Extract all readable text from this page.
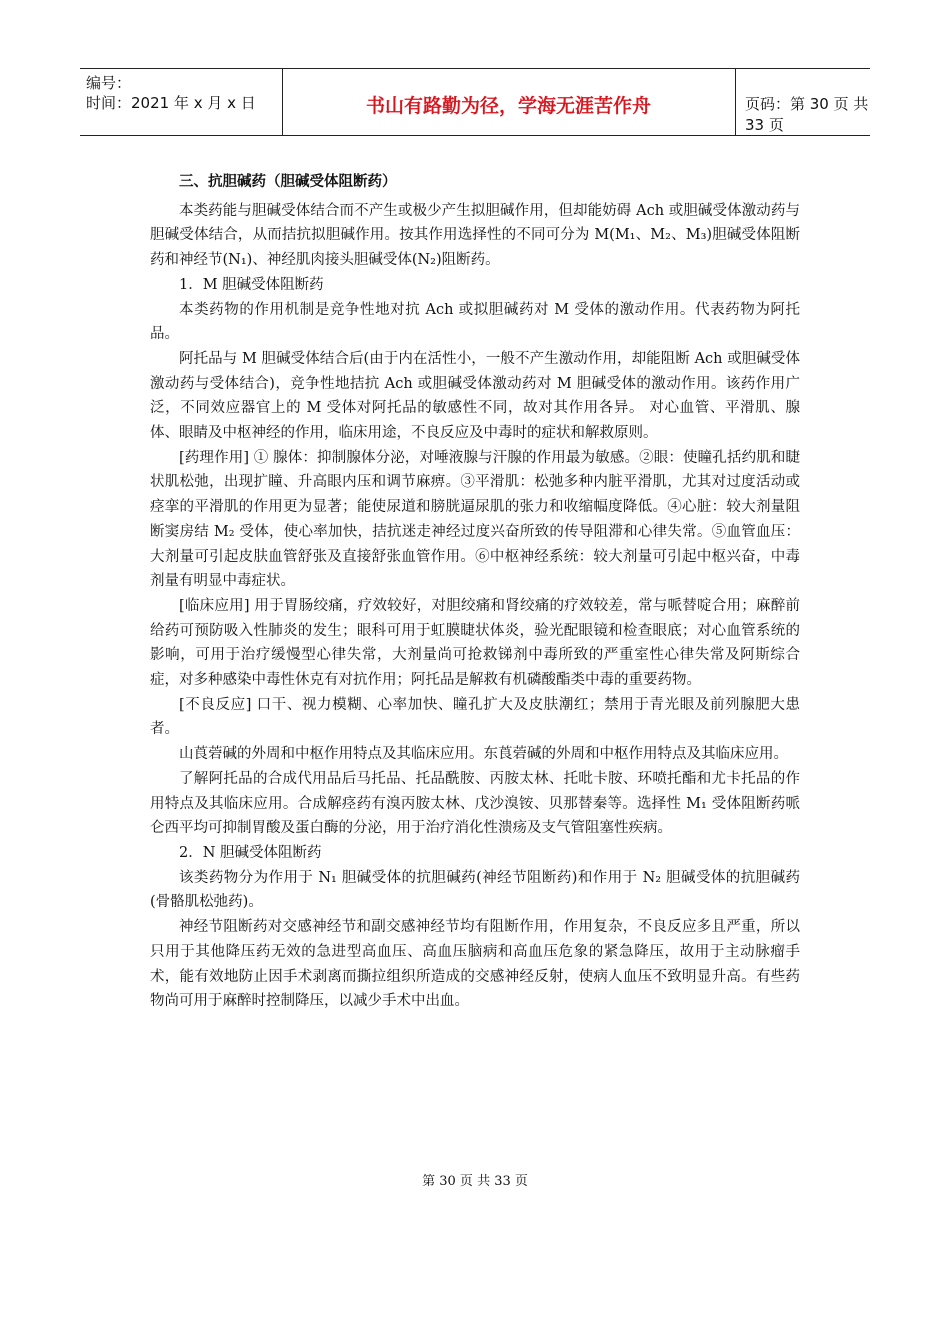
编号：
时间：2021 年 x 月 x 日	书山有路勤为径，学海无涯苦作舟	页码：第 30 页 共 33 页

三、抗胆碱药（胆碱受体阻断药）

本类药能与胆碱受体结合而不产生或极少产生拟胆碱作用，但却能妨碍 Ach 或胆碱受体激动药与胆碱受体结合，从而拮抗拟胆碱作用。按其作用选择性的不同可分为 M(M₁、M₂、M₃)胆碱受体阻断药和神经节(N₁)、神经肌肉接头胆碱受体(N₂)阻断药。

1．M 胆碱受体阻断药

本类药物的作用机制是竞争性地对抗 Ach 或拟胆碱药对 M 受体的激动作用。代表药物为阿托品。

阿托品与 M 胆碱受体结合后(由于内在活性小，一般不产生激动作用，却能阻断 Ach 或胆碱受体激动药与受体结合)，竞争性地拮抗 Ach 或胆碱受体激动药对 M 胆碱受体的激动作用。该药作用广泛，不同效应器官上的 M 受体对阿托品的敏感性不同，故对其作用各异。 对心血管、平滑肌、腺体、眼睛及中枢神经的作用，临床用途，不良反应及中毒时的症状和解救原则。

[药理作用] ① 腺体：抑制腺体分泌，对唾液腺与汗腺的作用最为敏感。②眼：使瞳孔括约肌和睫状肌松弛，出现扩瞳、升高眼内压和调节麻痹。③平滑肌：松弛多种内脏平滑肌，尤其对过度活动或痉挛的平滑肌的作用更为显著；能使尿道和膀胱逼尿肌的张力和收缩幅度降低。④心脏：较大剂量阻断窦房结 M₂ 受体，使心率加快，拮抗迷走神经过度兴奋所致的传导阻滞和心律失常。⑤血管血压：大剂量可引起皮肤血管舒张及直接舒张血管作用。⑥中枢神经系统：较大剂量可引起中枢兴奋，中毒剂量有明显中毒症状。

[临床应用] 用于胃肠绞痛，疗效较好，对胆绞痛和肾绞痛的疗效较差，常与哌替啶合用；麻醉前给药可预防吸入性肺炎的发生；眼科可用于虹膜睫状体炎，验光配眼镜和检查眼底；对心血管系统的影响，可用于治疗缓慢型心律失常，大剂量尚可抢救锑剂中毒所致的严重室性心律失常及阿斯综合症，对多种感染中毒性休克有对抗作用；阿托品是解救有机磷酸酯类中毒的重要药物。

[不良反应] 口干、视力模糊、心率加快、瞳孔扩大及皮肤潮红；禁用于青光眼及前列腺肥大患者。

山莨菪碱的外周和中枢作用特点及其临床应用。东莨菪碱的外周和中枢作用特点及其临床应用。

了解阿托品的合成代用品后马托品、托品酰胺、丙胺太林、托吡卡胺、环喷托酯和尤卡托品的作用特点及其临床应用。合成解痉药有溴丙胺太林、戊沙溴铵、贝那替秦等。选择性 M₁ 受体阻断药哌仑西平均可抑制胃酸及蛋白酶的分泌，用于治疗消化性溃疡及支气管阻塞性疾病。

2．N 胆碱受体阻断药

该类药物分为作用于 N₁ 胆碱受体的抗胆碱药(神经节阻断药)和作用于 N₂ 胆碱受体的抗胆碱药(骨骼肌松弛药)。

神经节阻断药对交感神经节和副交感神经节均有阻断作用，作用复杂，不良反应多且严重，所以只用于其他降压药无效的急进型高血压、高血压脑病和高血压危象的紧急降压，故用于主动脉瘤手术，能有效地防止因手术剥离而撕拉组织所造成的交感神经反射，使病人血压不致明显升高。有些药物尚可用于麻醉时控制降压，以减少手术中出血。

第 30 页 共 33 页
